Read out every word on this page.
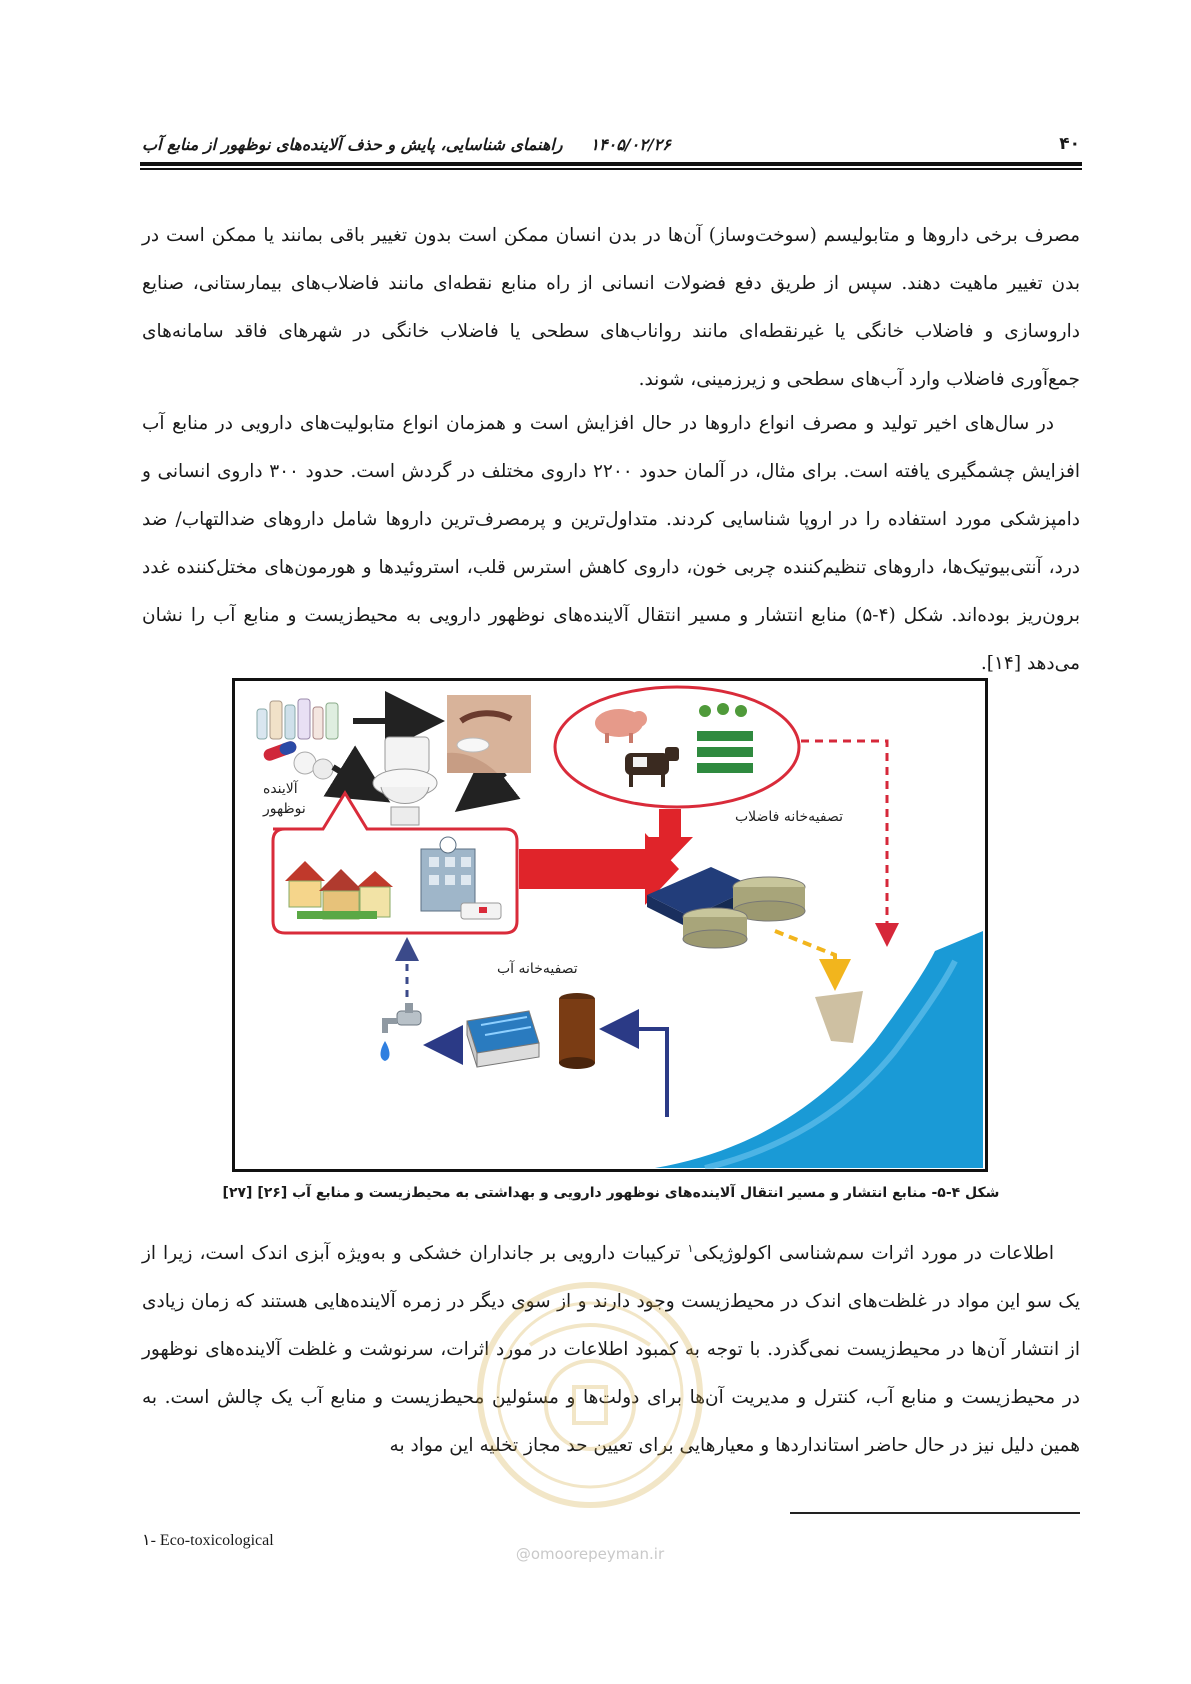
۴۰
۱۴۰۵/۰۲/۲۶     راهنمای شناسایی، پایش و حذف آلاینده‌های نوظهور از منابع آب
مصرف برخی داروها و متابولیسم (سوخت‌وساز) آن‌ها در بدن انسان ممکن است بدون تغییر باقی بمانند یا ممکن است در بدن تغییر ماهیت دهند. سپس از طریق دفع فضولات انسانی از راه منابع نقطه‌ای مانند فاضلاب‌های بیمارستانی، صنایع داروسازی و فاضلاب خانگی یا غیرنقطه‌ای مانند رواناب‌های سطحی یا فاضلاب خانگی در شهرهای فاقد سامانه‌های جمع‌آوری فاضلاب وارد آب‌های سطحی و زیرزمینی، شوند.
در سال‌های اخیر تولید و مصرف انواع داروها در حال افزایش است و همزمان انواع متابولیت‌های دارویی در منابع آب افزایش چشمگیری یافته است. برای مثال، در آلمان حدود ۲۲۰۰ داروی مختلف در گردش است. حدود ۳۰۰ داروی انسانی و دامپزشکی مورد استفاده را در اروپا شناسایی کردند. متداول‌ترین و پرمصرف‌ترین داروها شامل داروهای ضدالتهاب/ ضد درد، آنتی‌بیوتیک‌ها، داروهای تنظیم‌کننده چربی خون، داروی کاهش استرس قلب، استروئیدها و هورمون‌های مختل‌کننده غدد برون‌ریز بوده‌اند. شکل (۴-۵) منابع انتشار و مسیر انتقال آلاینده‌های نوظهور دارویی به محیط‌زیست و منابع آب را نشان می‌دهد [۱۴].
آلاینده
نوظهور	تصفیه‌خانه فاضلاب
تصفیه‌خانه آب
شکل ۴-۵- منابع انتشار و مسیر انتقال آلاینده‌های نوظهور دارویی و بهداشتی به محیط‌زیست و منابع آب [۲۶] [۲۷]
اطلاعات در مورد اثرات سم‌شناسی اکولوژیکی$^۱$ ترکیبات دارویی بر جانداران خشکی و به‌ویژه آبزی اندک است، زیرا از یک سو این مواد در غلظت‌های اندک در محیط‌زیست وجود دارند و از سوی دیگر در زمره آلاینده‌هایی هستند که زمان زیادی از انتشار آن‌ها در محیط‌زیست نمی‌گذرد. با توجه به کمبود اطلاعات در مورد اثرات، سرنوشت و غلظت آلاینده‌های نوظهور در محیط‌زیست و منابع آب، کنترل و مدیریت آن‌ها برای دولت‌ها و مسئولین محیط‌زیست و منابع آب یک چالش است. به همین دلیل نیز در حال حاضر استانداردها و معیارهایی برای تعیین حد مجاز تخلیه این مواد به
@omoorepeyman.ir
۱- Eco-toxicological
